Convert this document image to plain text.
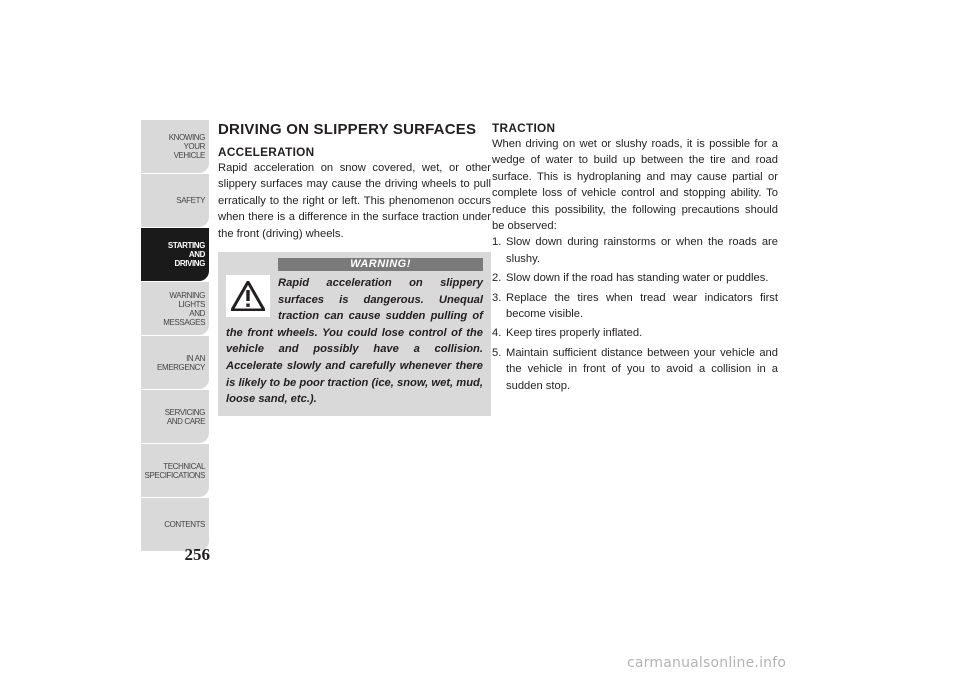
KNOWING
YOUR
VEHICLE
SAFETY
STARTING
AND
DRIVING
WARNING
LIGHTS
AND
MESSAGES
IN AN
EMERGENCY
SERVICING
AND CARE
TECHNICAL
SPECIFICATIONS
CONTENTS
256
DRIVING ON SLIPPERY SURFACES
ACCELERATION

Rapid acceleration on snow covered, wet, or other slippery surfaces may cause the driving wheels to pull erratically to the right or left. This phenomenon occurs when there is a difference in the surface traction under the front (driving) wheels.

WARNING!

Rapid acceleration on slippery surfaces is dangerous. Unequal traction can cause sudden pulling of the front wheels. You could lose control of the vehicle and possibly have a collision. Accelerate slowly and carefully whenever there is likely to be poor traction (ice, snow, wet, mud, loose sand, etc.).

TRACTION

When driving on wet or slushy roads, it is possible for a wedge of water to build up between the tire and road surface. This is hydroplaning and may cause partial or complete loss of vehicle control and stopping ability. To reduce this possibility, the following precautions should be observed:

1. Slow down during rainstorms or when the roads are slushy.
2. Slow down if the road has standing water or puddles.
3. Replace the tires when tread wear indicators first become visible.
4. Keep tires properly inflated.
5. Maintain sufficient distance between your vehicle and the vehicle in front of you to avoid a collision in a sudden stop.
carmanualsonline.info
